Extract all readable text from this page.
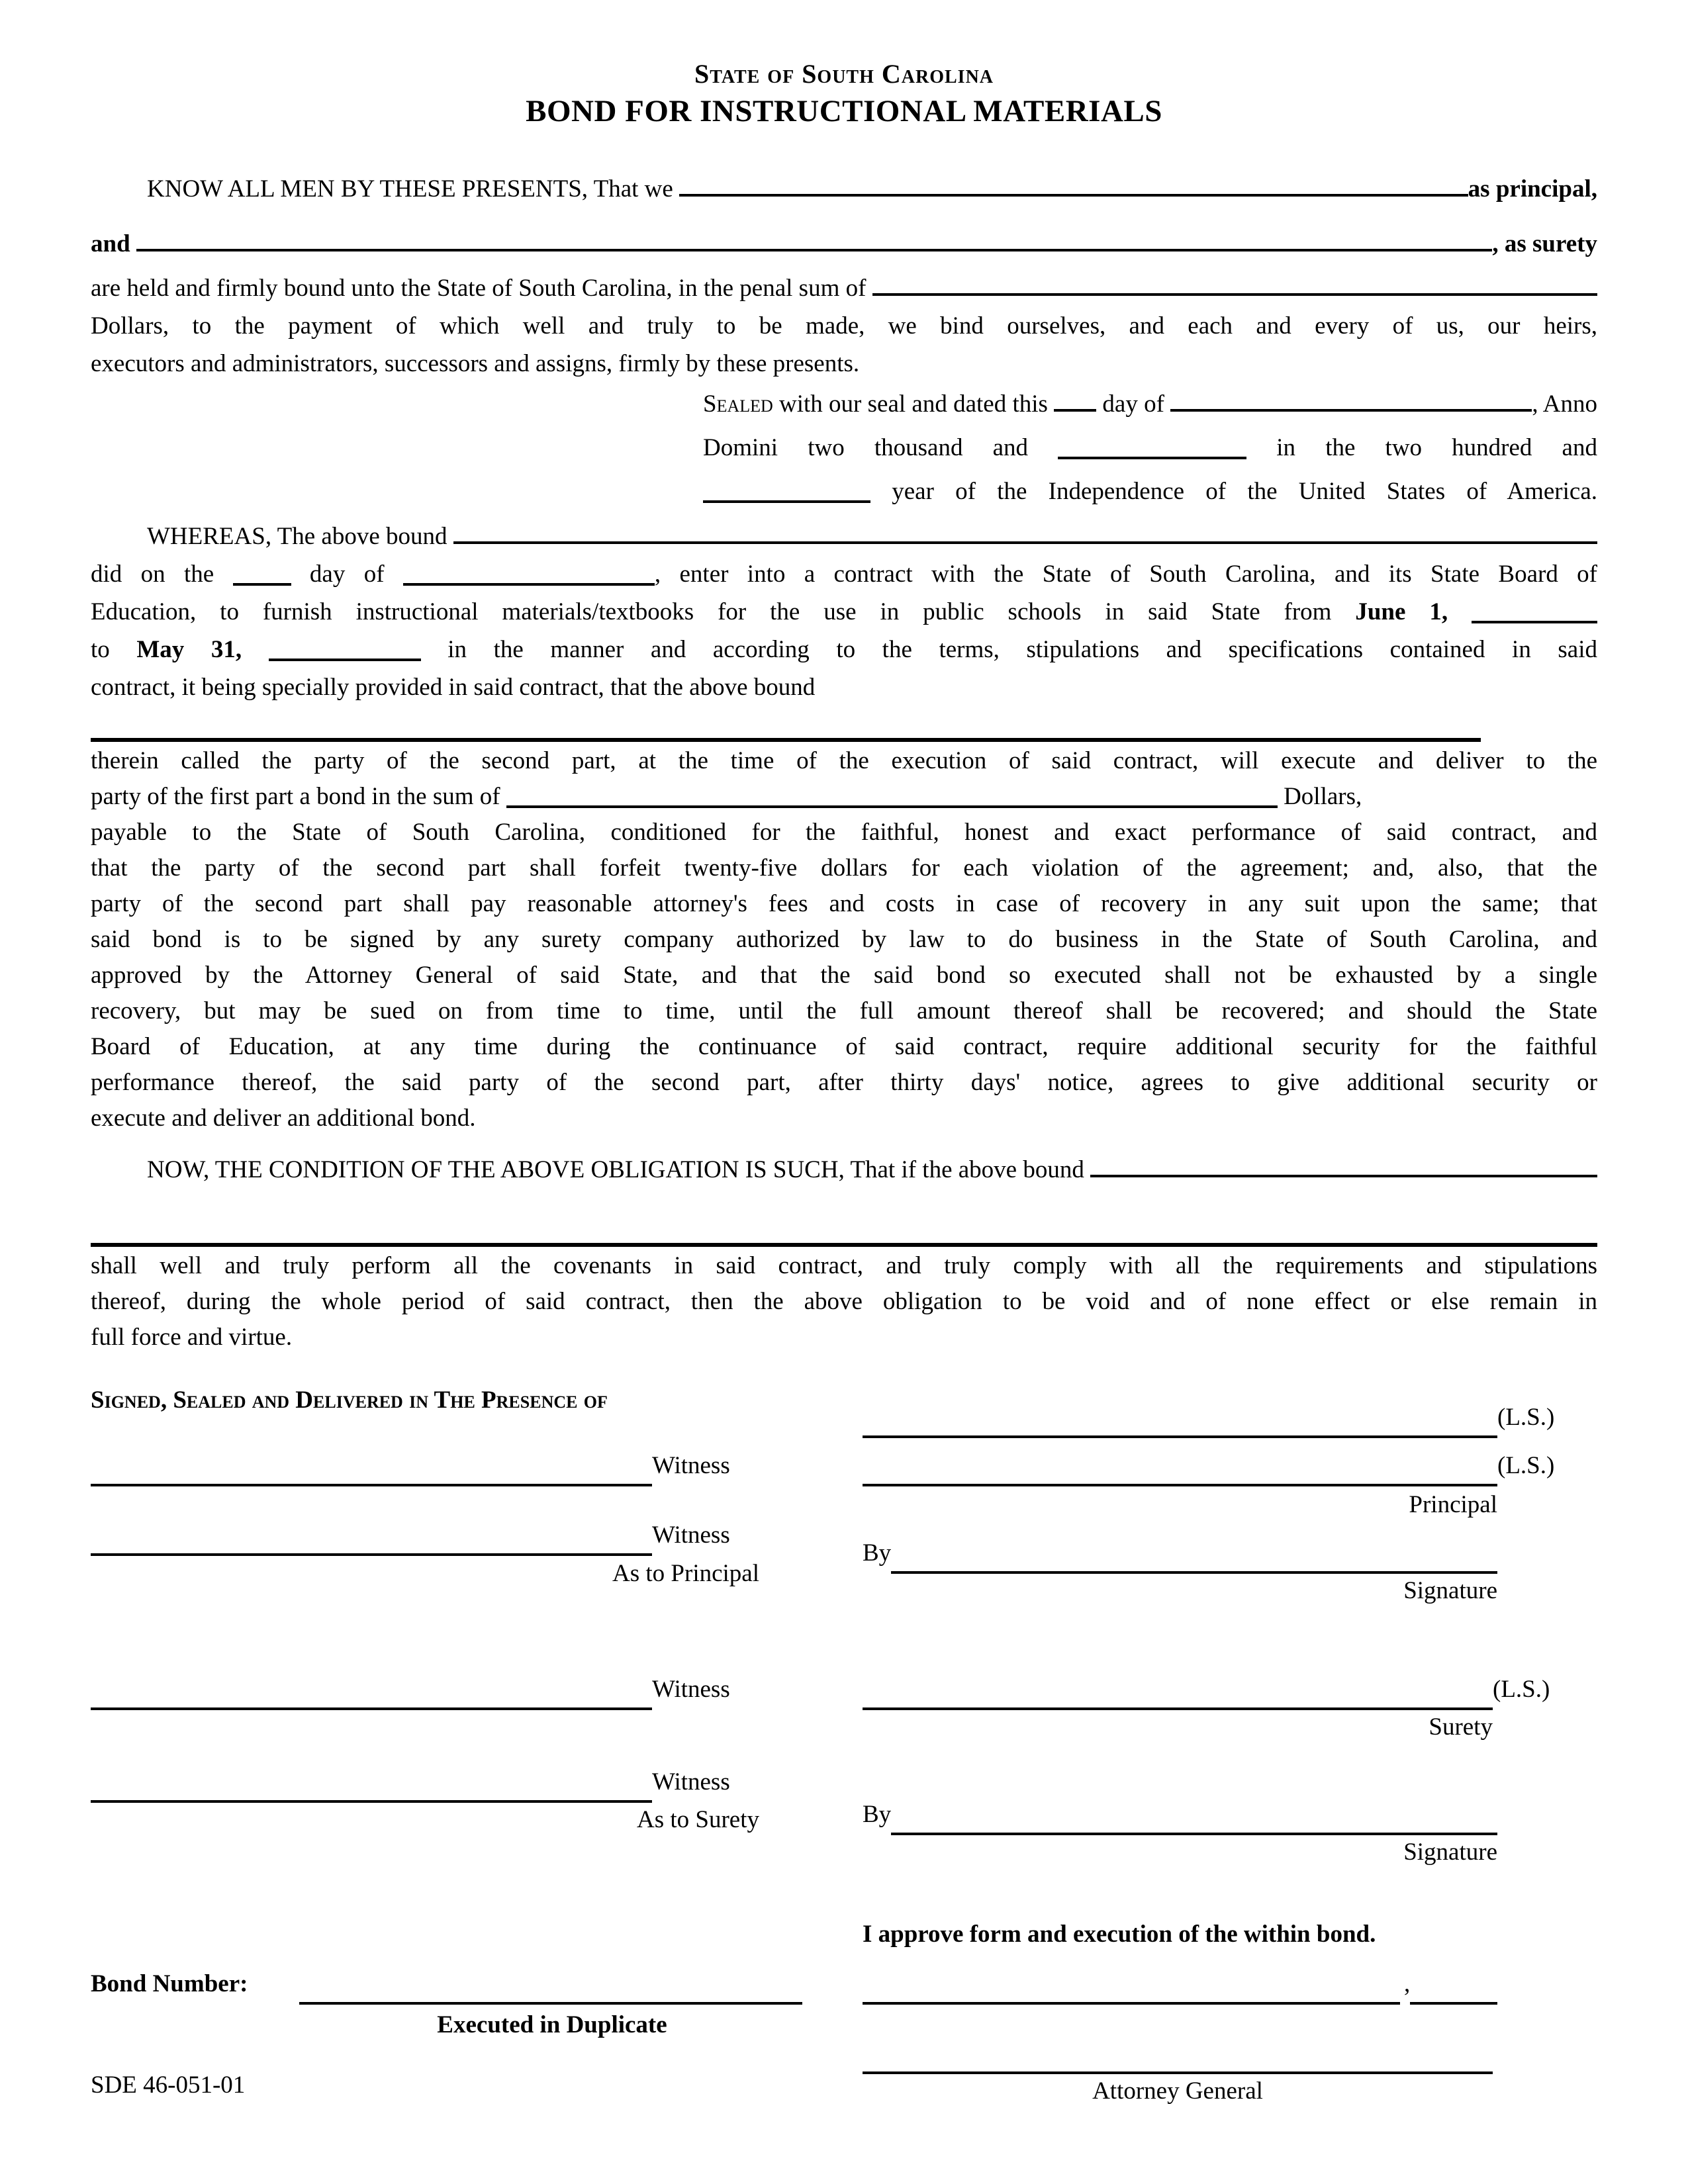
State of South Carolina
BOND FOR INSTRUCTIONAL MATERIALS
KNOW ALL MEN BY THESE PRESENTS, That we	as principal,
and	, as surety
are held and firmly bound unto the State of South Carolina, in the penal sum of
Dollars, to the payment of which well and truly to be made, we bind ourselves, and each and every of us, our heirs,
executors and administrators, successors and assigns, firmly by these presents.
Sealed with our seal and dated this day of	, Anno
Domini two thousand and	in the two hundred and
year of the Independence of the United States of America.
WHEREAS, The above bound
did on the  day of	, enter into a contract with the State of South Carolina, and its State Board of
Education, to furnish instructional materials/textbooks for the use in public schools in said State from June 1,
to May 31,	in the manner and according to the terms, stipulations and specifications contained in said
contract, it being specially provided in said contract, that the above bound
therein called the party of the second part, at the time of the execution of said contract, will execute and deliver to the
party of the first part a bond in the sum of	Dollars,
payable to the State of South Carolina, conditioned for the faithful, honest and exact performance of said contract, and
that the party of the second part shall forfeit twenty-five dollars for each violation of the agreement; and, also, that the
party of the second part shall pay reasonable attorney's fees and costs in case of recovery in any suit upon the same; that
said bond is to be signed by any surety company authorized by law to do business in the State of South Carolina, and
approved by the Attorney General of said State, and that the said bond so executed shall not be exhausted by a single
recovery, but may be sued on from time to time, until the full amount thereof shall be recovered; and should the State
Board of Education, at any time during the continuance of said contract, require additional security for the faithful
performance thereof, the said party of the second part, after thirty days' notice, agrees to give additional security or
execute and deliver an additional bond.
NOW, THE CONDITION OF THE ABOVE OBLIGATION IS SUCH, That if the above bound
shall well and truly perform all the covenants in said contract, and truly comply with all the requirements and stipulations
thereof, during the whole period of said contract, then the above obligation to be void and of none effect or else remain in
full force and virtue.
Signed, Sealed and Delivered in The Presence of
(L.S.)
Witness	(L.S.)
Principal
Witness
As to Principal
By
Signature
Witness	(L.S.)
Surety
Witness
As to Surety	By
Signature
I approve form and execution of the within bond.
Bond Number:	,
Executed in Duplicate
Attorney General
SDE 46-051-01
